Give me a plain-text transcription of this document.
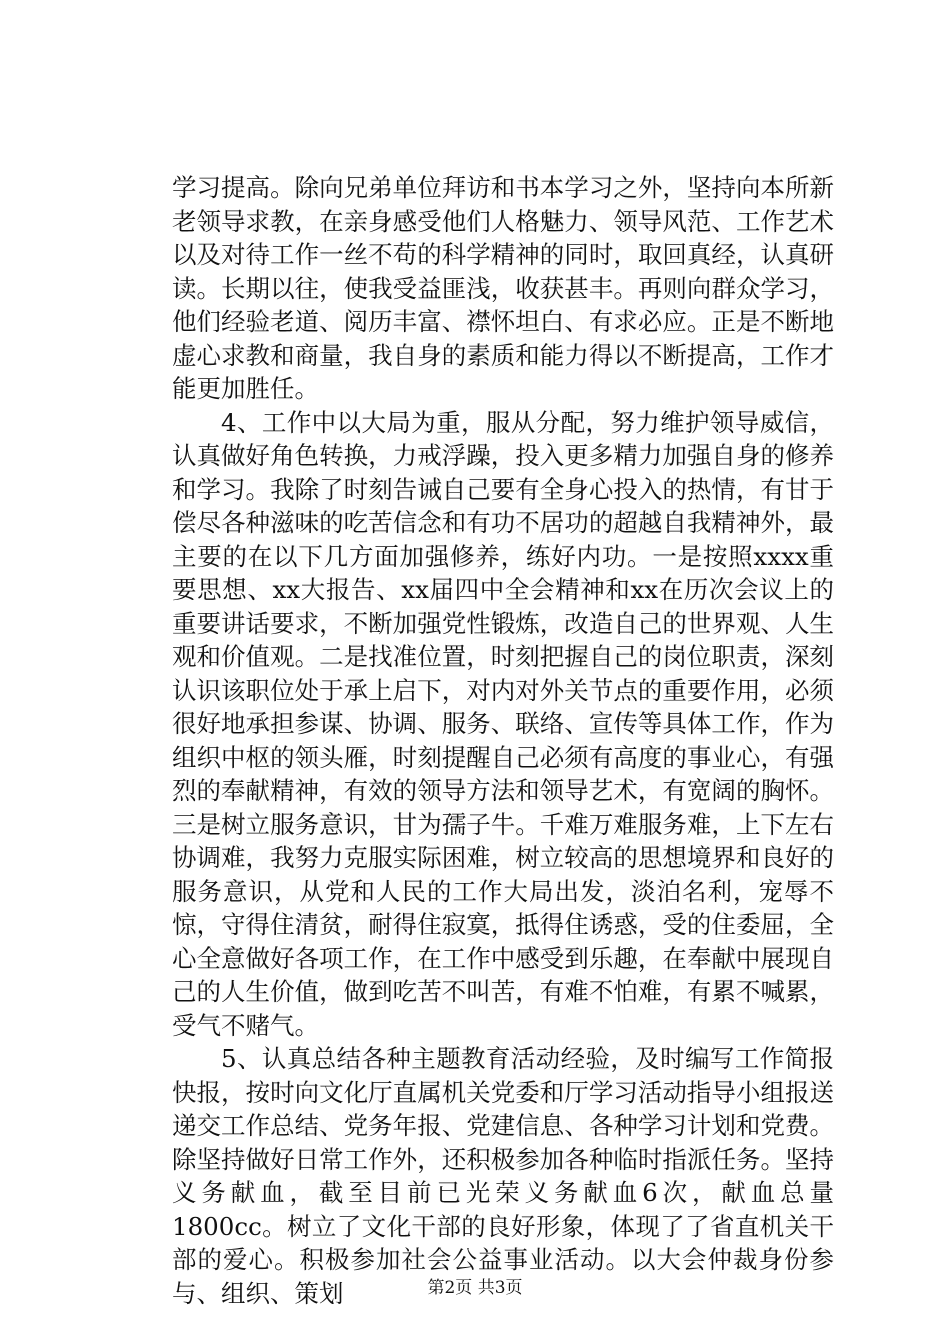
学习提高。除向兄弟单位拜访和书本学习之外，坚持向本所新老领导求教，在亲身感受他们人格魅力、领导风范、工作艺术以及对待工作一丝不苟的科学精神的同时，取回真经，认真研读。长期以往，使我受益匪浅，收获甚丰。再则向群众学习，他们经验老道、阅历丰富、襟怀坦白、有求必应。正是不断地虚心求教和商量，我自身的素质和能力得以不断提高，工作才能更加胜任。

4、工作中以大局为重，服从分配，努力维护领导威信，认真做好角色转换，力戒浮躁，投入更多精力加强自身的修养和学习。我除了时刻告诫自己要有全身心投入的热情，有甘于偿尽各种滋味的吃苦信念和有功不居功的超越自我精神外，最主要的在以下几方面加强修养，练好内功。一是按照xxxx重要思想、xx大报告、xx届四中全会精神和xx在历次会议上的重要讲话要求，不断加强党性锻炼，改造自己的世界观、人生观和价值观。二是找准位置，时刻把握自己的岗位职责，深刻认识该职位处于承上启下，对内对外关节点的重要作用，必须很好地承担参谋、协调、服务、联络、宣传等具体工作，作为组织中枢的领头雁，时刻提醒自己必须有高度的事业心，有强烈的奉献精神，有效的领导方法和领导艺术，有宽阔的胸怀。三是树立服务意识，甘为孺子牛。千难万难服务难，上下左右协调难，我努力克服实际困难，树立较高的思想境界和良好的服务意识，从党和人民的工作大局出发，淡泊名利，宠辱不惊，守得住清贫，耐得住寂寞，抵得住诱惑，受的住委屈，全心全意做好各项工作，在工作中感受到乐趣，在奉献中展现自己的人生价值，做到吃苦不叫苦，有难不怕难，有累不喊累，受气不赌气。

5、认真总结各种主题教育活动经验，及时编写工作简报快报，按时向文化厅直属机关党委和厅学习活动指导小组报送递交工作总结、党务年报、党建信息、各种学习计划和党费。除坚持做好日常工作外，还积极参加各种临时指派任务。坚持义务献血，截至目前已光荣义务献血6次，献血总量1800cc。树立了文化干部的良好形象，体现了了省直机关干部的爱心。积极参加社会公益事业活动。以大会仲裁身份参与、组织、策划	第2页 共3页
